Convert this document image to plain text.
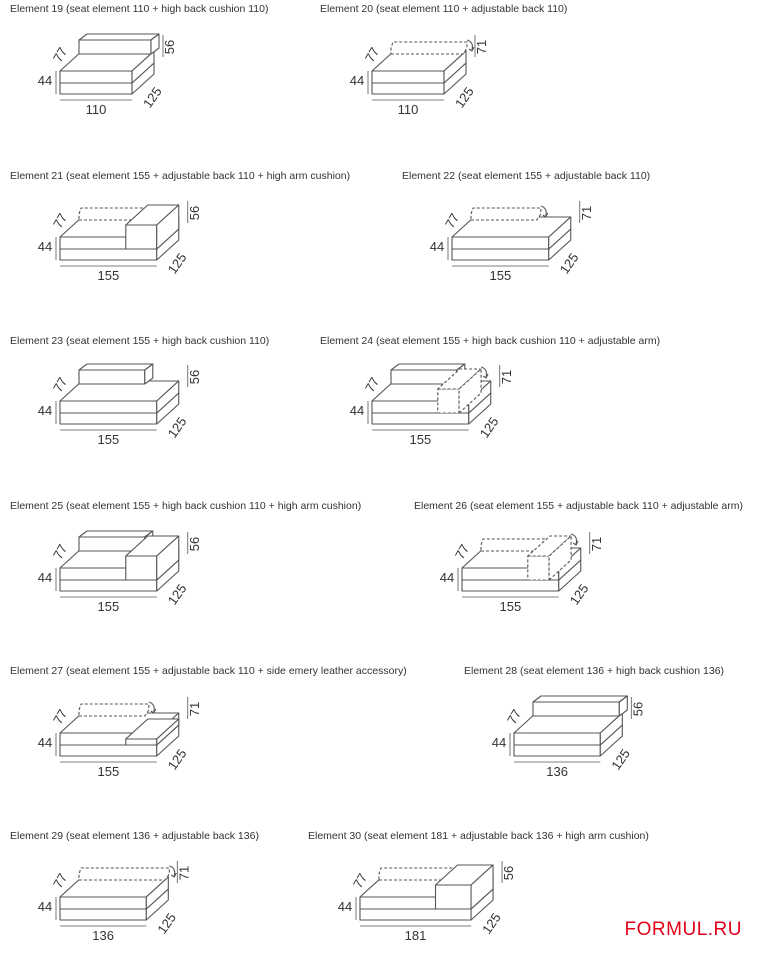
Element 19 (seat element 110 + high back cushion 110)
110
44
77
125
56
Element 20 (seat element 110 + adjustable back 110)
110
44
77
125
71
Element 21 (seat element 155 + adjustable back 110 + high arm cushion)
155
44
77
125
56
Element 22 (seat element 155 + adjustable back 110)
155
44
77
125
71
Element 23 (seat element 155 + high back cushion 110)
155
44
77
125
56
Element 24 (seat element 155 + high back cushion 110 + adjustable arm)
155
44
77
125
71
Element 25 (seat element 155 + high back cushion 110 + high arm cushion)
155
44
77
125
56
Element 26 (seat element 155 + adjustable back 110 + adjustable arm)
155
44
77
125
71
Element 27 (seat element 155 + adjustable back 110 + side emery leather accessory)
155
44
77
125
71
Element 28 (seat element 136 + high back cushion 136)
136
44
77
125
56
Element 29 (seat element 136 + adjustable back 136)
136
44
77
125
71
Element 30 (seat element 181 + adjustable back 136 + high arm cushion)
181
44
77
125
56
FORMUL.RU
